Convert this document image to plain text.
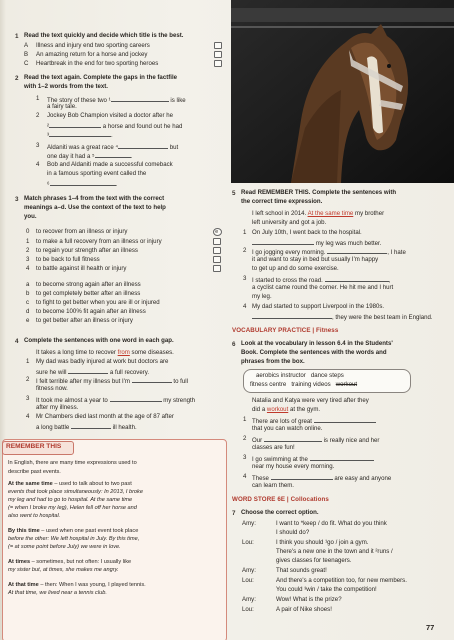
1 Read the text quickly and decide which title is the best.
A Illness and injury end two sporting careers
B An amazing return for a horse and jockey
C Heartbreak in the end for two sporting heroes
2 Read the text again. Complete the gaps in the factfile
with 1–2 words from the text.
1 The story of these two ¹	is like
a fairy tale.
2 Jockey Bob Champion visited a doctor after he
²	a horse and found out he had
³	.
3 Aldaniti was a great race ⁴	but
one day it had a ⁵	.
4 Bob and Aldaniti made a successful comeback
in a famous sporting event called the
⁶	.
3 Match phrases 1–4 from the text with the correct
meanings a–d. Use the context of the text to help
you.
0 to recover from an illness or injury	e
1 to make a full recovery from an illness or injury
2 to regain your strength after an illness
3 to be back to full fitness
4 to battle against ill health or injury
a to become strong again after an illness
b to get completely better after an illness
c to fight to get better when you are ill or injured
d to become 100% fit again after an illness
e to get better after an illness or injury
4 Complete the sentences with one word in each gap.
It takes a long time to recover from some diseases.
1 My dad was badly injured at work but doctors are
sure he will	a full recovery.
2 I felt terrible after my illness but I'm	to full
fitness now.
3 It took me almost a year to	my strength
after my illness.
4 Mr Chambers died last month at the age of 87 after
a long battle	ill health.
REMEMBER THIS
In English, there are many time expressions used to
describe past events.
At the same time – used to talk about to two past
events that took place simultaneously: In 2013, I broke
my leg and had to go to hospital. At the same time
(= when I broke my leg), Helen fell off her horse and
also went to hospital.
By this time – used when one past event took place
before the other: We left hospital in July. By this time,
(= at some point before July) we were in love.
At times – sometimes, but not often: I usually like
my sister but, at times, she makes me angry.
At that time – then: When I was young, I played tennis.
At that time, we lived near a tennis club.
5 Read REMEMBER THIS. Complete the sentences with
the correct time expression.
I left school in 2014. At the same time my brother
left university and got a job.
1 On July 10th, I went back to the hospital.
my leg was much better.
2 I go jogging every morning.	, I hate
it and want to stay in bed but usually I'm happy
to get up and do some exercise.
3 I started to cross the road.	,
a cyclist came round the corner. He hit me and I hurt
my leg.
4 My dad started to support Liverpool in the 1980s.
, they were the best team in England.
VOCABULARY PRACTICE | Fitness
6 Look at the vocabulary in lesson 6.4 in the Students'
Book. Complete the sentences with the words and
phrases from the box.
aerobics instructor dance steps
fitness centre training videos workout
Natalia and Katya were very tired after they
did a workout at the gym.
1 There are lots of great
that you can watch online.
2 Our	is really nice and her
classes are fun!
3 I go swimming at the
near my house every morning.
4 These	are easy and anyone
can learn them.
WORD STORE 6E | Collocations
7 Choose the correct option.
Amy:	I want to *keep / do fit. What do you think
I should do?
Lou:	I think you should ¹go / join a gym.
There's a new one in the town and it ²runs /
gives classes for teenagers.
Amy:	That sounds great!
Lou:	And there's a competition too, for new members.
You could ³win / take the competition!
Amy:	Wow! What is the prize?
Lou:	A pair of Nike shoes!
77
